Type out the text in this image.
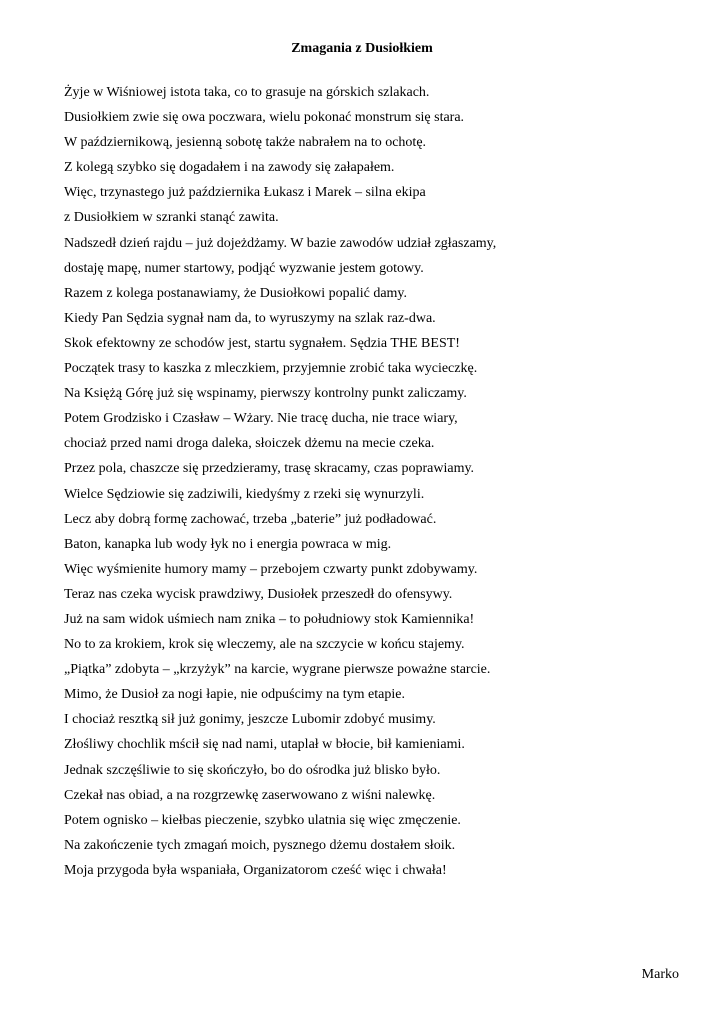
Zmagania z Dusiołkiem
Żyje w Wiśniowej istota taka, co to grasuje na górskich szlakach.
Dusiołkiem zwie się owa poczwara, wielu pokonać monstrum się stara.
W październikową, jesienną sobotę także nabrałem na to ochotę.
Z kolegą szybko się dogadałem i na zawody się załapałem.
Więc, trzynastego już października Łukasz i Marek – silna ekipa
z Dusiołkiem w szranki stanąć zawita.
Nadszedł dzień rajdu – już dojeżdżamy. W bazie zawodów udział zgłaszamy,
dostaję mapę, numer startowy, podjąć wyzwanie jestem gotowy.
Razem z kolega postanawiamy, że Dusiołkowi popalić damy.
Kiedy Pan Sędzia sygnał nam da, to wyruszymy na szlak raz-dwa.
Skok efektowny ze schodów jest, startu sygnałem. Sędzia THE BEST!
Początek trasy to kaszka z mleczkiem, przyjemnie zrobić taka wycieczkę.
Na Księżą Górę już się wspinamy, pierwszy kontrolny punkt zaliczamy.
Potem Grodzisko i Czasław – Wżary. Nie tracę ducha, nie trace wiary,
chociaż przed nami droga daleka, słoiczek dżemu na mecie czeka.
Przez pola, chaszcze się przedzieramy, trasę skracamy, czas poprawiamy.
Wielce Sędziowie się zadziwili, kiedyśmy z rzeki się wynurzyli.
Lecz aby dobrą formę zachować, trzeba „baterie” już podładować.
Baton, kanapka lub wody łyk no i energia powraca w mig.
Więc wyśmienite humory mamy – przebojem czwarty punkt zdobywamy.
Teraz nas czeka wycisk prawdziwy, Dusiołek przeszedł do ofensywy.
Już na sam widok uśmiech nam znika – to południowy stok Kamiennika!
No to za krokiem, krok się wleczemy, ale na szczycie w końcu stajemy.
„Piątka” zdobyta – „krzyżyk” na karcie, wygrane pierwsze poważne starcie.
Mimo, że Dusioł za nogi łapie, nie odpuścimy na tym etapie.
I chociaż resztką sił już gonimy, jeszcze Lubomir zdobyć musimy.
Złośliwy chochlik mścił się nad nami, utaplał w błocie, bił kamieniami.
Jednak szczęśliwie to się skończyło, bo do ośrodka już blisko było.
Czekał nas obiad, a na rozgrzewkę zaserwowano z wiśni nalewkę.
Potem ognisko – kiełbas pieczenie, szybko ulatnia się więc zmęczenie.
Na zakończenie tych zmagań moich, pysznego dżemu dostałem słoik.
Moja przygoda była wspaniała, Organizatorom cześć więc i chwała!

Marko
